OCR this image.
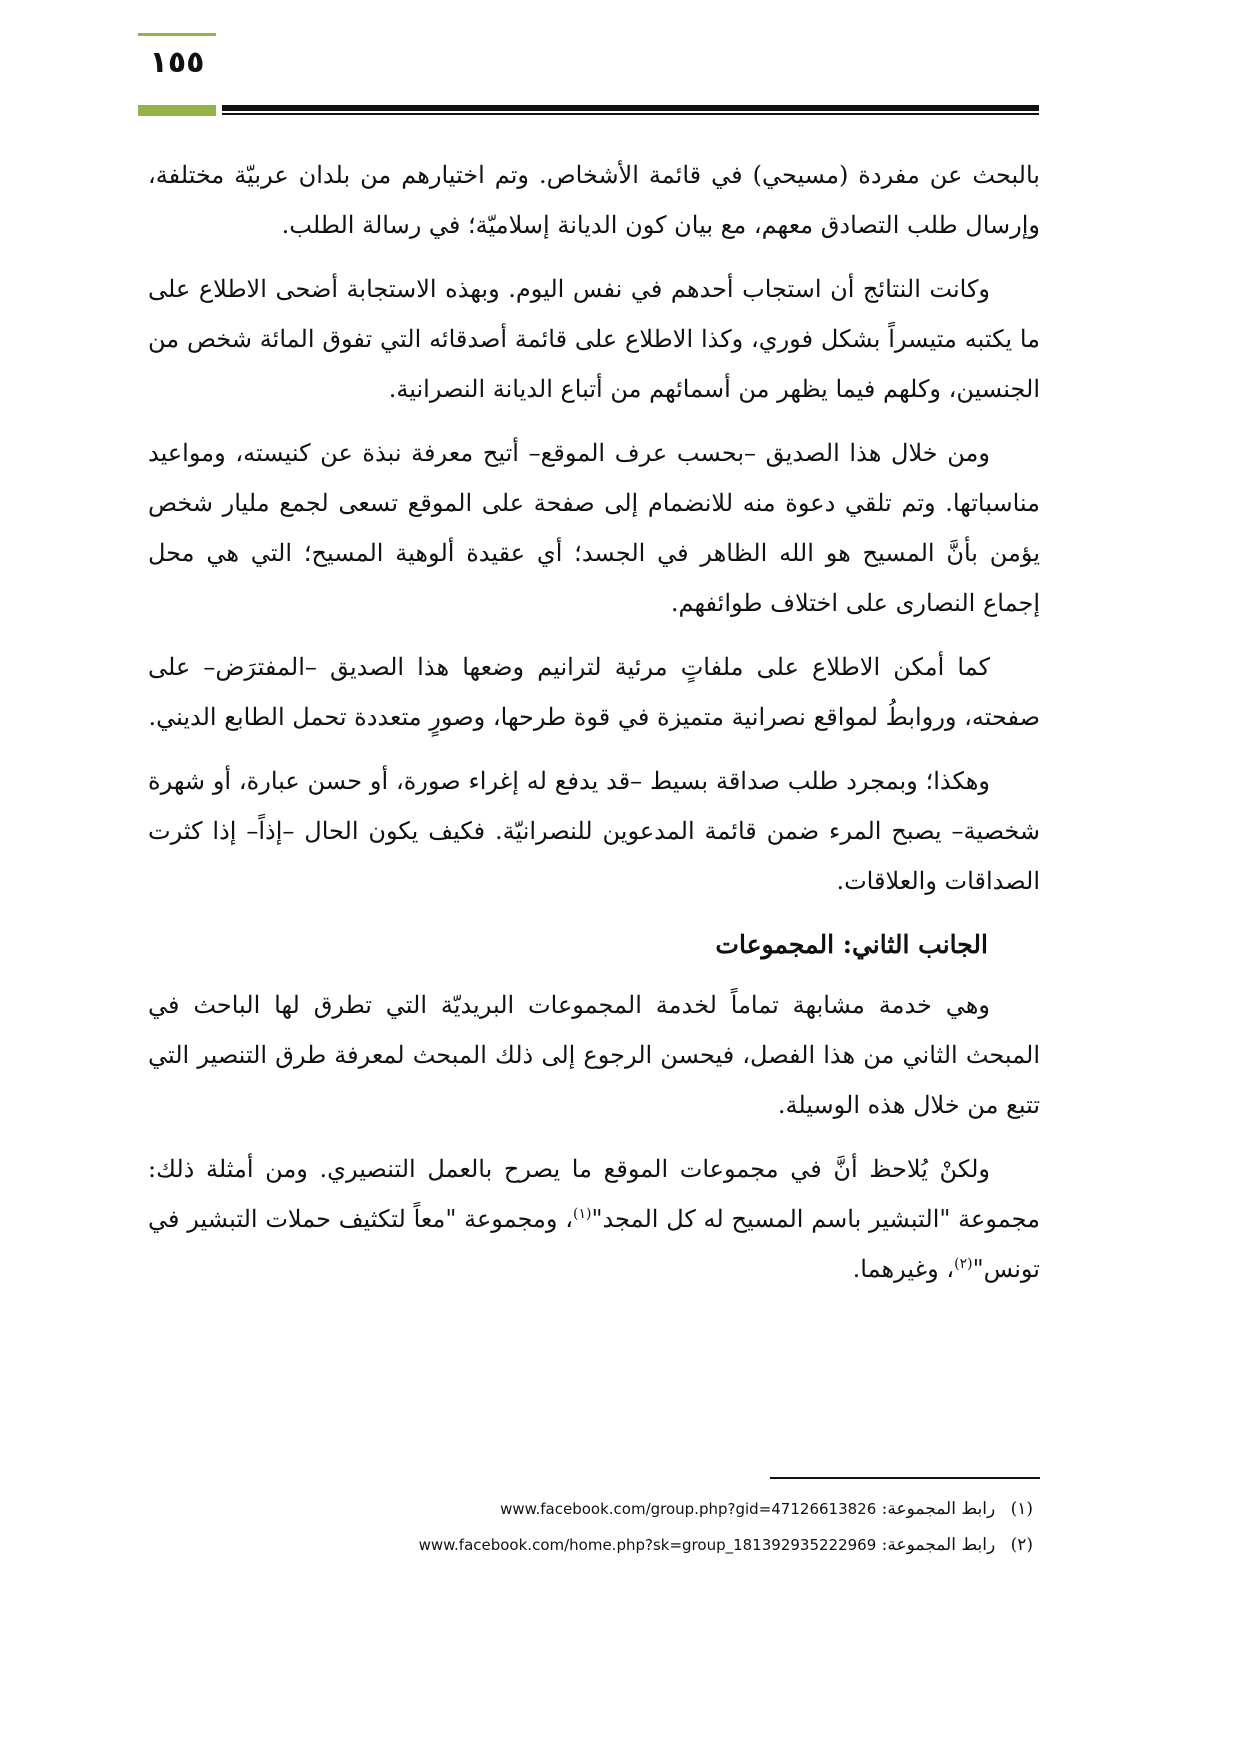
١٥٥

بالبحث عن مفردة (مسيحي) في قائمة الأشخاص. وتم اختيارهم من بلدان عربيّة مختلفة، وإرسال طلب التصادق معهم، مع بيان كون الديانة إسلاميّة؛ في رسالة الطلب.

وكانت النتائج أن استجاب أحدهم في نفس اليوم. وبهذه الاستجابة أضحى الاطلاع على ما يكتبه متيسراً بشكل فوري، وكذا الاطلاع على قائمة أصدقائه التي تفوق المائة شخص من الجنسين، وكلهم فيما يظهر من أسمائهم من أتباع الديانة النصرانية.

ومن خلال هذا الصديق –بحسب عرف الموقع– أتيح معرفة نبذة عن كنيسته، ومواعيد مناسباتها. وتم تلقي دعوة منه للانضمام إلى صفحة على الموقع تسعى لجمع مليار شخص يؤمن بأنَّ المسيح هو الله الظاهر في الجسد؛ أي عقيدة ألوهية المسيح؛ التي هي محل إجماع النصارى على اختلاف طوائفهم.

كما أمكن الاطلاع على ملفاتٍ مرئية لترانيم وضعها هذا الصديق –المفترَض– على صفحته، وروابطُ لمواقع نصرانية متميزة في قوة طرحها، وصورٍ متعددة تحمل الطابع الديني.

وهكذا؛ وبمجرد طلب صداقة بسيط –قد يدفع له إغراء صورة، أو حسن عبارة، أو شهرة شخصية– يصبح المرء ضمن قائمة المدعوين للنصرانيّة. فكيف يكون الحال –إذاً– إذا كثرت الصداقات والعلاقات.

الجانب الثاني: المجموعات

وهي خدمة مشابهة تماماً لخدمة المجموعات البريديّة التي تطرق لها الباحث في المبحث الثاني من هذا الفصل، فيحسن الرجوع إلى ذلك المبحث لمعرفة طرق التنصير التي تتبع من خلال هذه الوسيلة.

ولكنْ يُلاحظ أنَّ في مجموعات الموقع ما يصرح بالعمل التنصيري. ومن أمثلة ذلك: مجموعة "التبشير باسم المسيح له كل المجد"$^{(١)}$، ومجموعة "معاً لتكثيف حملات التبشير في تونس"$^{(٢)}$، وغيرهما.

(١) رابط المجموعة: www.facebook.com/group.php?gid=47126613826
(٢) رابط المجموعة: www.facebook.com/home.php?sk=group_181392935222969
